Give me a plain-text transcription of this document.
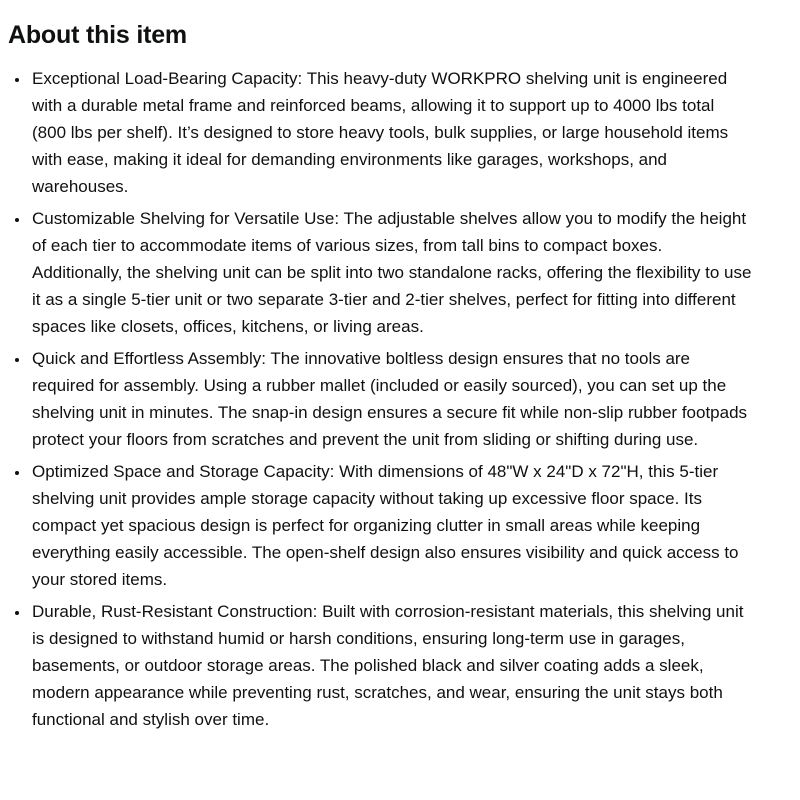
About this item
• Exceptional Load-Bearing Capacity: This heavy-duty WORKPRO shelving unit is engineered with a durable metal frame and reinforced beams, allowing it to support up to 4000 lbs total (800 lbs per shelf). It’s designed to store heavy tools, bulk supplies, or large household items with ease, making it ideal for demanding environments like garages, workshops, and warehouses.
• Customizable Shelving for Versatile Use: The adjustable shelves allow you to modify the height of each tier to accommodate items of various sizes, from tall bins to compact boxes. Additionally, the shelving unit can be split into two standalone racks, offering the flexibility to use it as a single 5-tier unit or two separate 3-tier and 2-tier shelves, perfect for fitting into different spaces like closets, offices, kitchens, or living areas.
• Quick and Effortless Assembly: The innovative boltless design ensures that no tools are required for assembly. Using a rubber mallet (included or easily sourced), you can set up the shelving unit in minutes. The snap-in design ensures a secure fit while non-slip rubber footpads protect your floors from scratches and prevent the unit from sliding or shifting during use.
• Optimized Space and Storage Capacity: With dimensions of 48"W x 24"D x 72"H, this 5-tier shelving unit provides ample storage capacity without taking up excessive floor space. Its compact yet spacious design is perfect for organizing clutter in small areas while keeping everything easily accessible. The open-shelf design also ensures visibility and quick access to your stored items.
• Durable, Rust-Resistant Construction: Built with corrosion-resistant materials, this shelving unit is designed to withstand humid or harsh conditions, ensuring long-term use in garages, basements, or outdoor storage areas. The polished black and silver coating adds a sleek, modern appearance while preventing rust, scratches, and wear, ensuring the unit stays both functional and stylish over time.
